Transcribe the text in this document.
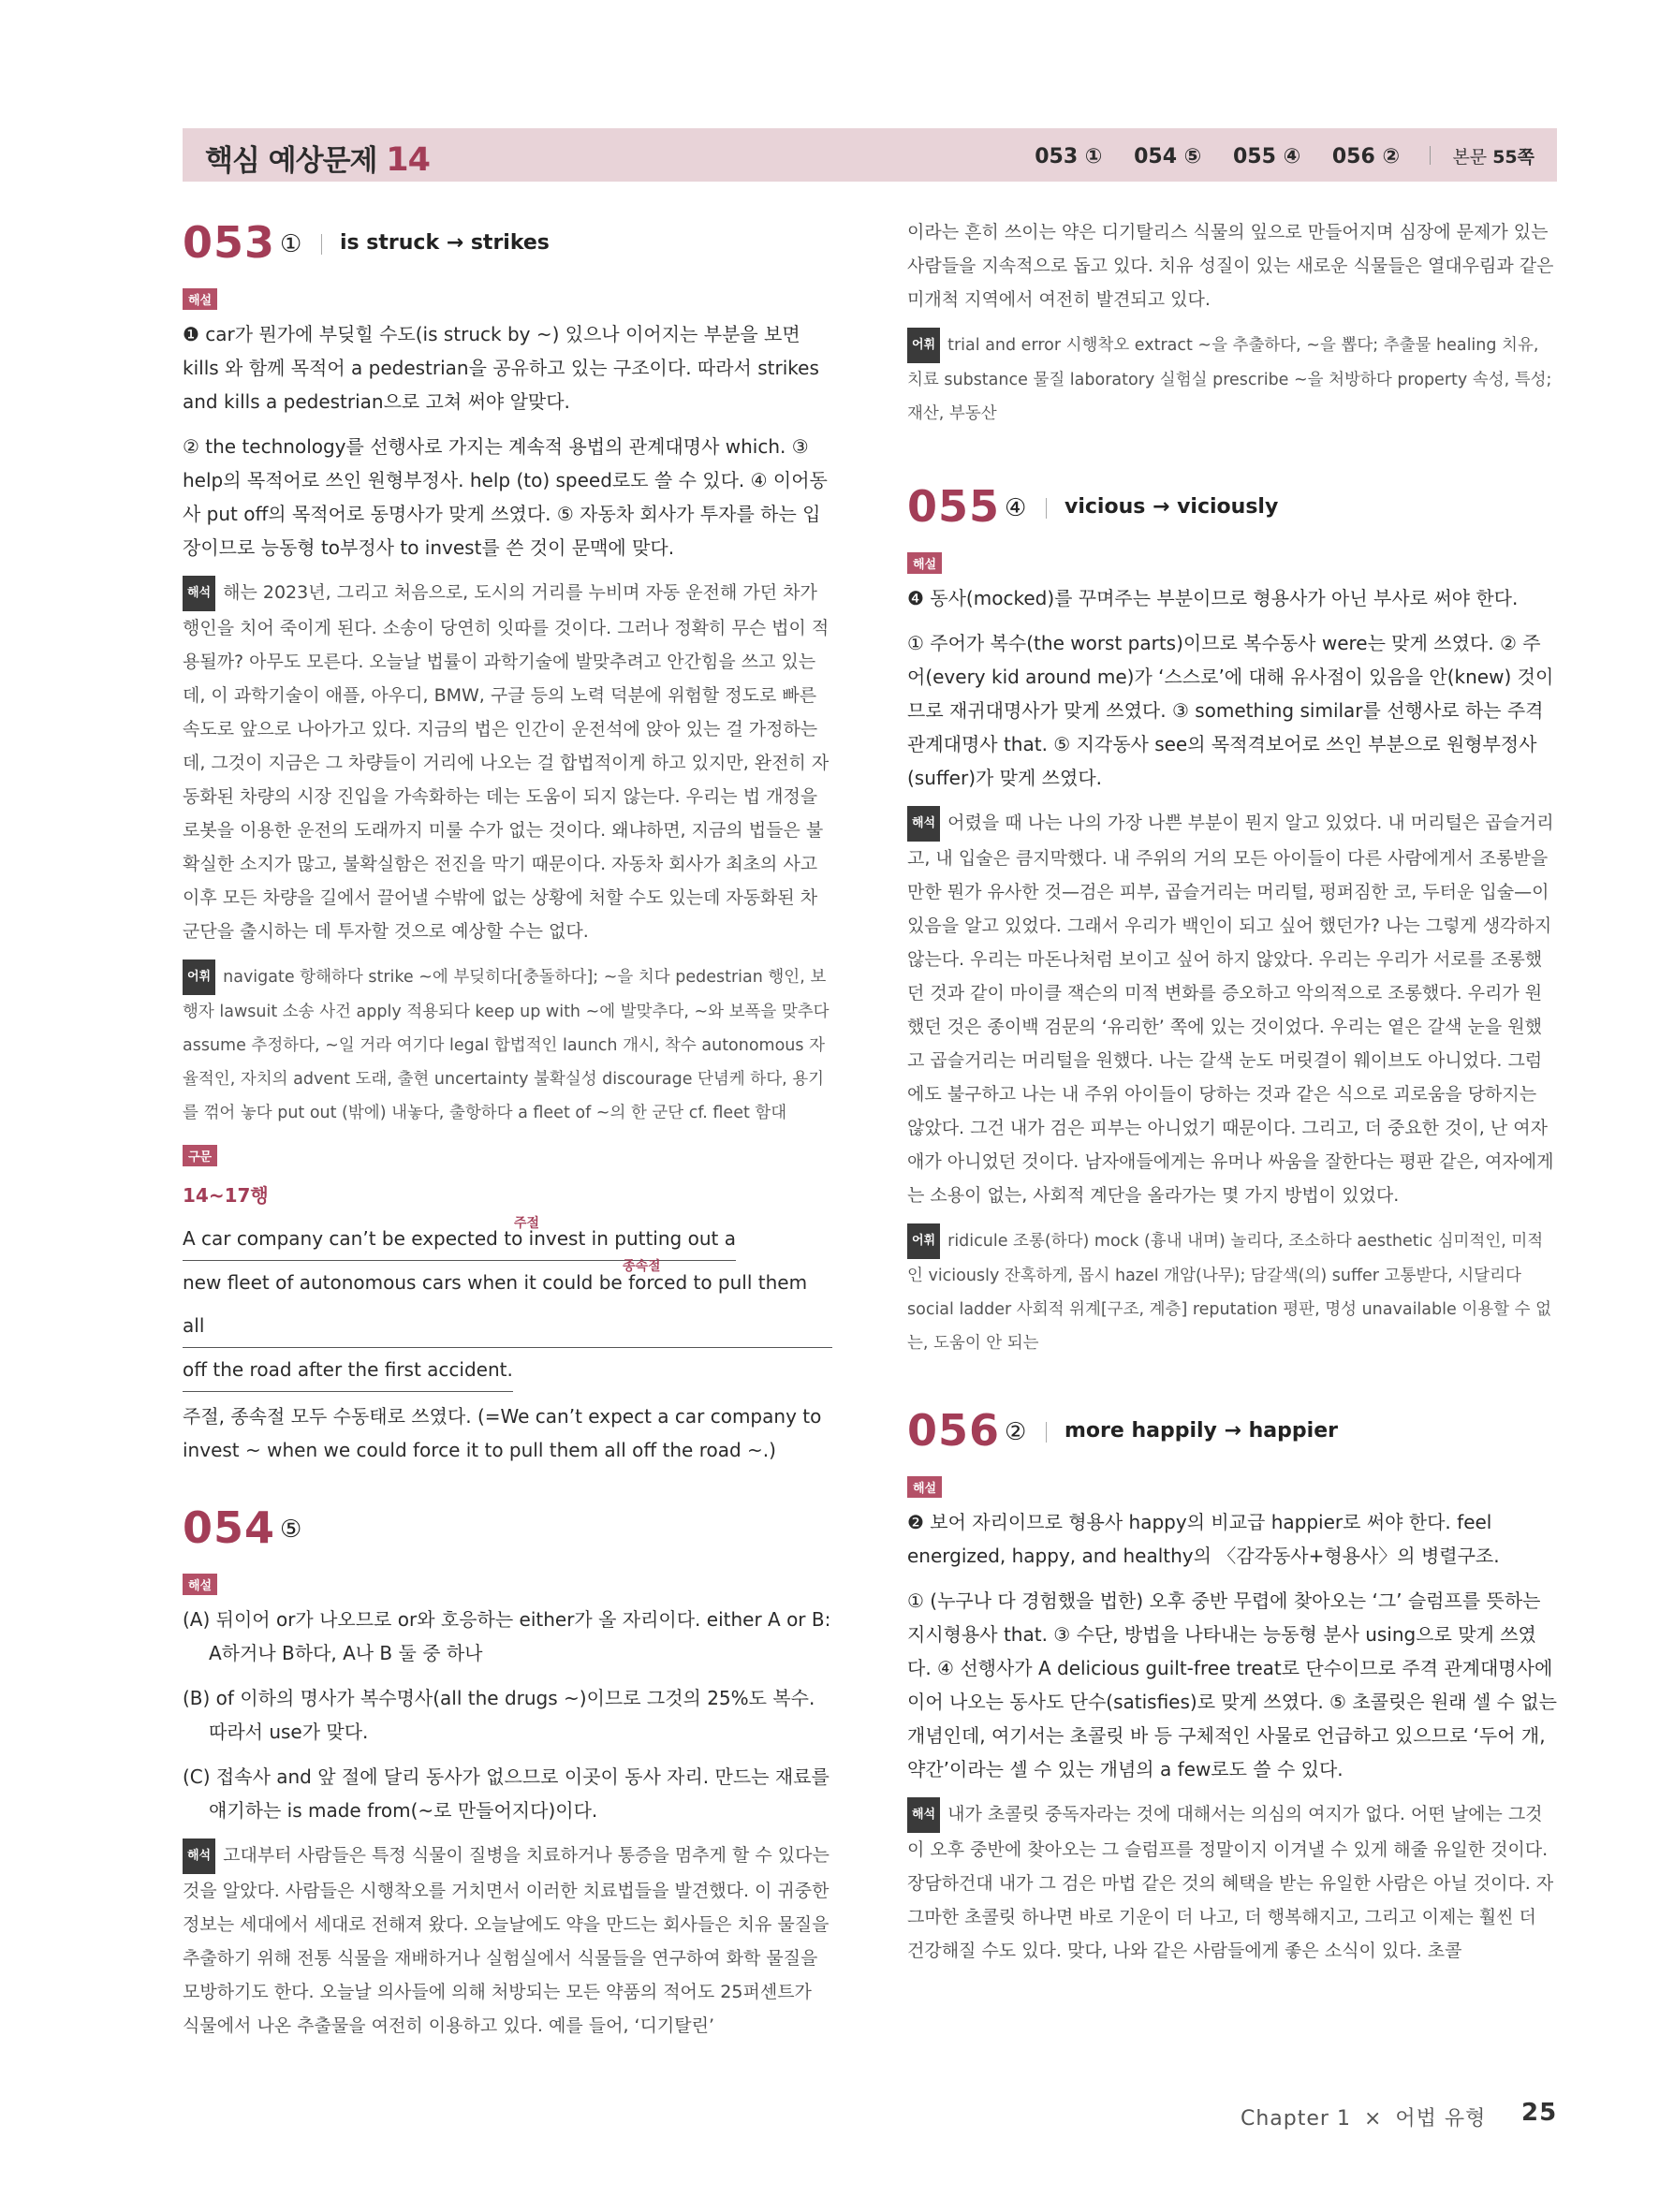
핵심 예상문제 14	053 ① 054 ⑤ 055 ④ 056 ②	본문 55쪽
053 ① is struck → strikes
해설

❶ car가 뭔가에 부딪힐 수도(is struck by ~) 있으나 이어지는 부분을 보면 kills 와 함께 목적어 a pedestrian을 공유하고 있는 구조이다. 따라서 strikes and kills a pedestrian으로 고쳐 써야 알맞다.

② the technology를 선행사로 가지는 계속적 용법의 관계대명사 which. ③ help의 목적어로 쓰인 원형부정사. help (to) speed로도 쓸 수 있다. ④ 이어동사 put off의 목적어로 동명사가 맞게 쓰였다. ⑤ 자동차 회사가 투자를 하는 입장이므로 능동형 to부정사 to invest를 쓴 것이 문맥에 맞다.

해석 해는 2023년, 그리고 처음으로, 도시의 거리를 누비며 자동 운전해 가던 차가 행인을 치어 죽이게 된다. 소송이 당연히 잇따를 것이다. 그러나 정확히 무슨 법이 적용될까? 아무도 모른다. 오늘날 법률이 과학기술에 발맞추려고 안간힘을 쓰고 있는데, 이 과학기술이 애플, 아우디, BMW, 구글 등의 노력 덕분에 위험할 정도로 빠른 속도로 앞으로 나아가고 있다. 지금의 법은 인간이 운전석에 앉아 있는 걸 가정하는데, 그것이 지금은 그 차량들이 거리에 나오는 걸 합법적이게 하고 있지만, 완전히 자동화된 차량의 시장 진입을 가속화하는 데는 도움이 되지 않는다. 우리는 법 개정을 로봇을 이용한 운전의 도래까지 미룰 수가 없는 것이다. 왜냐하면, 지금의 법들은 불확실한 소지가 많고, 불확실함은 전진을 막기 때문이다. 자동차 회사가 최초의 사고 이후 모든 차량을 길에서 끌어낼 수밖에 없는 상황에 처할 수도 있는데 자동화된 차 군단을 출시하는 데 투자할 것으로 예상할 수는 없다.

어휘 navigate 항해하다 strike ~에 부딪히다[충돌하다]; ~을 치다 pedestrian 행인, 보행자 lawsuit 소송 사건 apply 적용되다 keep up with ~에 발맞추다, ~와 보폭을 맞추다 assume 추정하다, ~일 거라 여기다 legal 합법적인 launch 개시, 착수 autonomous 자율적인, 자치의 advent 도래, 출현 uncertainty 불확실성 discourage 단념케 하다, 용기를 꺾어 놓다 put out (밖에) 내놓다, 출항하다 a fleet of ~의 한 군단 cf. fleet 함대

구문
14~17행A car company can’t be expected to invest in putting out a
new fleet of autonomous cars when it could be forced to pull them all
off the road after the first accident.
주절
종속절

주절, 종속절 모두 수동태로 쓰였다. (=We can’t expect a car company to invest ~ when we could force it to pull them all off the road ~.)

054 ⑤
해설

(A) 뒤이어 or가 나오므로 or와 호응하는 either가 올 자리이다. either A or B: A하거나 B하다, A나 B 둘 중 하나

(B) of 이하의 명사가 복수명사(all the drugs ~)이므로 그것의 25%도 복수. 따라서 use가 맞다.

(C) 접속사 and 앞 절에 달리 동사가 없으므로 이곳이 동사 자리. 만드는 재료를 얘기하는 is made from(~로 만들어지다)이다.

해석 고대부터 사람들은 특정 식물이 질병을 치료하거나 통증을 멈추게 할 수 있다는 것을 알았다. 사람들은 시행착오를 거치면서 이러한 치료법들을 발견했다. 이 귀중한 정보는 세대에서 세대로 전해져 왔다. 오늘날에도 약을 만드는 회사들은 치유 물질을 추출하기 위해 전통 식물을 재배하거나 실험실에서 식물들을 연구하여 화학 물질을 모방하기도 한다. 오늘날 의사들에 의해 처방되는 모든 약품의 적어도 25퍼센트가 식물에서 나온 추출물을 여전히 이용하고 있다. 예를 들어, ‘디기탈린’

이라는 흔히 쓰이는 약은 디기탈리스 식물의 잎으로 만들어지며 심장에 문제가 있는 사람들을 지속적으로 돕고 있다. 치유 성질이 있는 새로운 식물들은 열대우림과 같은 미개척 지역에서 여전히 발견되고 있다.

어휘 trial and error 시행착오 extract ~을 추출하다, ~을 뽑다; 추출물 healing 치유, 치료 substance 물질 laboratory 실험실 prescribe ~을 처방하다 property 속성, 특성; 재산, 부동산

055 ④ vicious → viciously
해설

❹ 동사(mocked)를 꾸며주는 부분이므로 형용사가 아닌 부사로 써야 한다.

① 주어가 복수(the worst parts)이므로 복수동사 were는 맞게 쓰였다. ② 주어(every kid around me)가 ‘스스로’에 대해 유사점이 있음을 안(knew) 것이므로 재귀대명사가 맞게 쓰였다. ③ something similar를 선행사로 하는 주격 관계대명사 that. ⑤ 지각동사 see의 목적격보어로 쓰인 부분으로 원형부정사(suffer)가 맞게 쓰였다.

해석 어렸을 때 나는 나의 가장 나쁜 부분이 뭔지 알고 있었다. 내 머리털은 곱슬거리고, 내 입술은 큼지막했다. 내 주위의 거의 모든 아이들이 다른 사람에게서 조롱받을 만한 뭔가 유사한 것—검은 피부, 곱슬거리는 머리털, 펑퍼짐한 코, 두터운 입술—이 있음을 알고 있었다. 그래서 우리가 백인이 되고 싶어 했던가? 나는 그렇게 생각하지 않는다. 우리는 마돈나처럼 보이고 싶어 하지 않았다. 우리는 우리가 서로를 조롱했던 것과 같이 마이클 잭슨의 미적 변화를 증오하고 악의적으로 조롱했다. 우리가 원했던 것은 종이백 검문의 ‘유리한’ 쪽에 있는 것이었다. 우리는 옅은 갈색 눈을 원했고 곱슬거리는 머리털을 원했다. 나는 갈색 눈도 머릿결이 웨이브도 아니었다. 그럼에도 불구하고 나는 내 주위 아이들이 당하는 것과 같은 식으로 괴로움을 당하지는 않았다. 그건 내가 검은 피부는 아니었기 때문이다. 그리고, 더 중요한 것이, 난 여자애가 아니었던 것이다. 남자애들에게는 유머나 싸움을 잘한다는 평판 같은, 여자에게는 소용이 없는, 사회적 계단을 올라가는 몇 가지 방법이 있었다.

어휘 ridicule 조롱(하다) mock (흉내 내며) 놀리다, 조소하다 aesthetic 심미적인, 미적인 viciously 잔혹하게, 몹시 hazel 개암(나무); 담갈색(의) suffer 고통받다, 시달리다 social ladder 사회적 위계[구조, 계층] reputation 평판, 명성 unavailable 이용할 수 없는, 도움이 안 되는

056 ② more happily → happier
해설

❷ 보어 자리이므로 형용사 happy의 비교급 happier로 써야 한다. feel energized, happy, and healthy의 〈감각동사+형용사〉의 병렬구조.

① (누구나 다 경험했을 법한) 오후 중반 무렵에 찾아오는 ‘그’ 슬럼프를 뜻하는 지시형용사 that. ③ 수단, 방법을 나타내는 능동형 분사 using으로 맞게 쓰였다. ④ 선행사가 A delicious guilt-free treat로 단수이므로 주격 관계대명사에 이어 나오는 동사도 단수(satisfies)로 맞게 쓰였다. ⑤ 초콜릿은 원래 셀 수 없는 개념인데, 여기서는 초콜릿 바 등 구체적인 사물로 언급하고 있으므로 ‘두어 개, 약간’이라는 셀 수 있는 개념의 a few로도 쓸 수 있다.

해석 내가 초콜릿 중독자라는 것에 대해서는 의심의 여지가 없다. 어떤 날에는 그것이 오후 중반에 찾아오는 그 슬럼프를 정말이지 이겨낼 수 있게 해줄 유일한 것이다. 장담하건대 내가 그 검은 마법 같은 것의 혜택을 받는 유일한 사람은 아닐 것이다. 자그마한 초콜릿 하나면 바로 기운이 더 나고, 더 행복해지고, 그리고 이제는 훨씬 더 건강해질 수도 있다. 맞다, 나와 같은 사람들에게 좋은 소식이 있다. 초콜

Chapter 1 × 어법 유형 25
